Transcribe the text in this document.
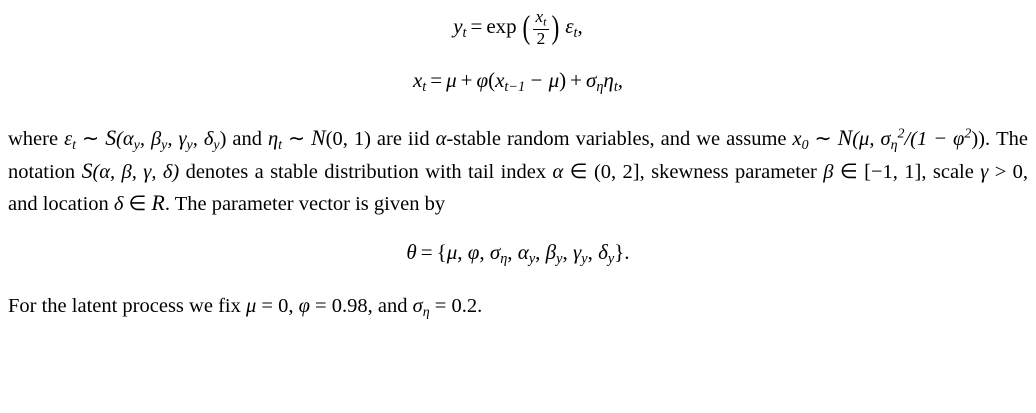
$y_t = \exp$ ( $\frac{x_t}{2}$ ) $\varepsilon_t$,
$x_t = \mu + \varphi(x_{t-1} - \mu) + \sigma_\eta\eta_t$,

where $\varepsilon_t$ ∼ $S(\alpha_y$, $\beta_y$, $\gamma_y$, $\delta_y$) and $\eta_t$ ∼ N(0, 1) are iid α-stable random variables, and we assume $x_0$ ∼ N(μ, $\sigma_\eta^2/(1 - \varphi^2)$). The notation S(α, β, γ, δ) denotes a stable distribution with tail index α ∈ (0, 2], skewness parameter β ∈ [−1, 1], scale γ > 0, and location δ ∈ R. The parameter vector is given by

θ = {μ, φ, $\sigma_\eta$, $\alpha_y$, $\beta_y$, $\gamma_y$, $\delta_y$}.

For the latent process we fix μ = 0, φ = 0.98, and $\sigma_\eta = 0.2$.
